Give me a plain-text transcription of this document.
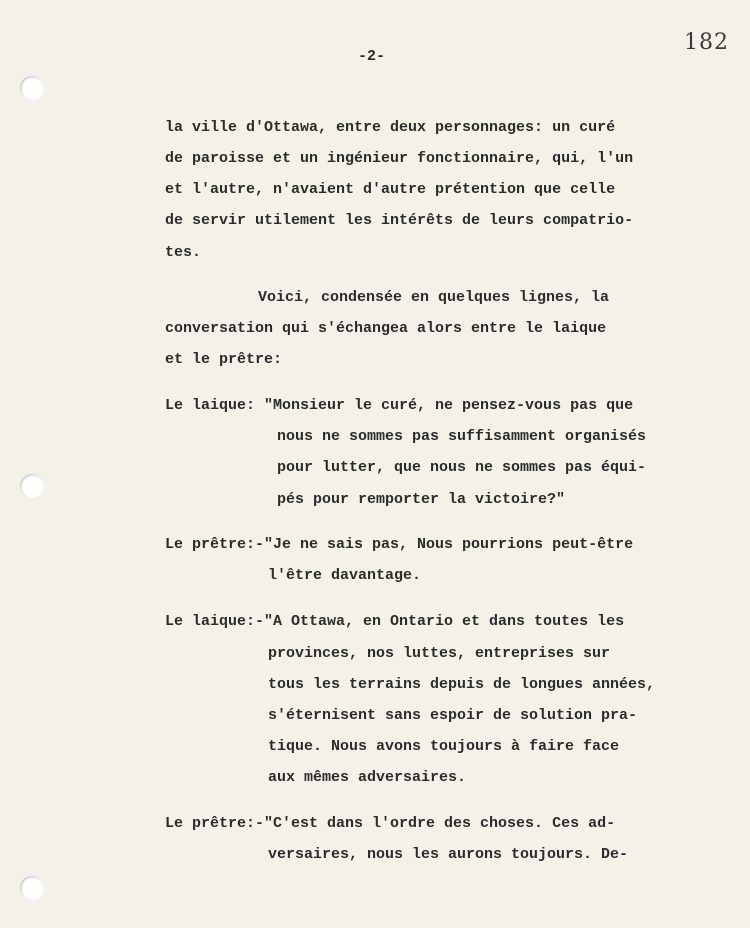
182
-2-
la ville d'Ottawa, entre deux personnages: un curé
de paroisse et un ingénieur fonctionnaire, qui, l'un
et l'autre, n'avaient d'autre prétention que celle
de servir utilement les intérêts de leurs compatrio-
tes.
Voici, condensée en quelques lignes, la
conversation qui s'échangea alors entre le laique
et le prêtre:
Le laique: "Monsieur le curé, ne pensez-vous pas que
nous ne sommes pas suffisamment organisés
pour lutter, que nous ne sommes pas équi-
pés pour remporter la victoire?"
Le prêtre:-"Je ne sais pas, Nous pourrions peut-être
l'être davantage.
Le laique:-"A Ottawa, en Ontario et dans toutes les
provinces, nos luttes, entreprises sur
tous les terrains depuis de longues années,
s'éternisent sans espoir de solution pra-
tique. Nous avons toujours à faire face
aux mêmes adversaires.
Le prêtre:-"C'est dans l'ordre des choses. Ces ad-
versaires, nous les aurons toujours. De-
